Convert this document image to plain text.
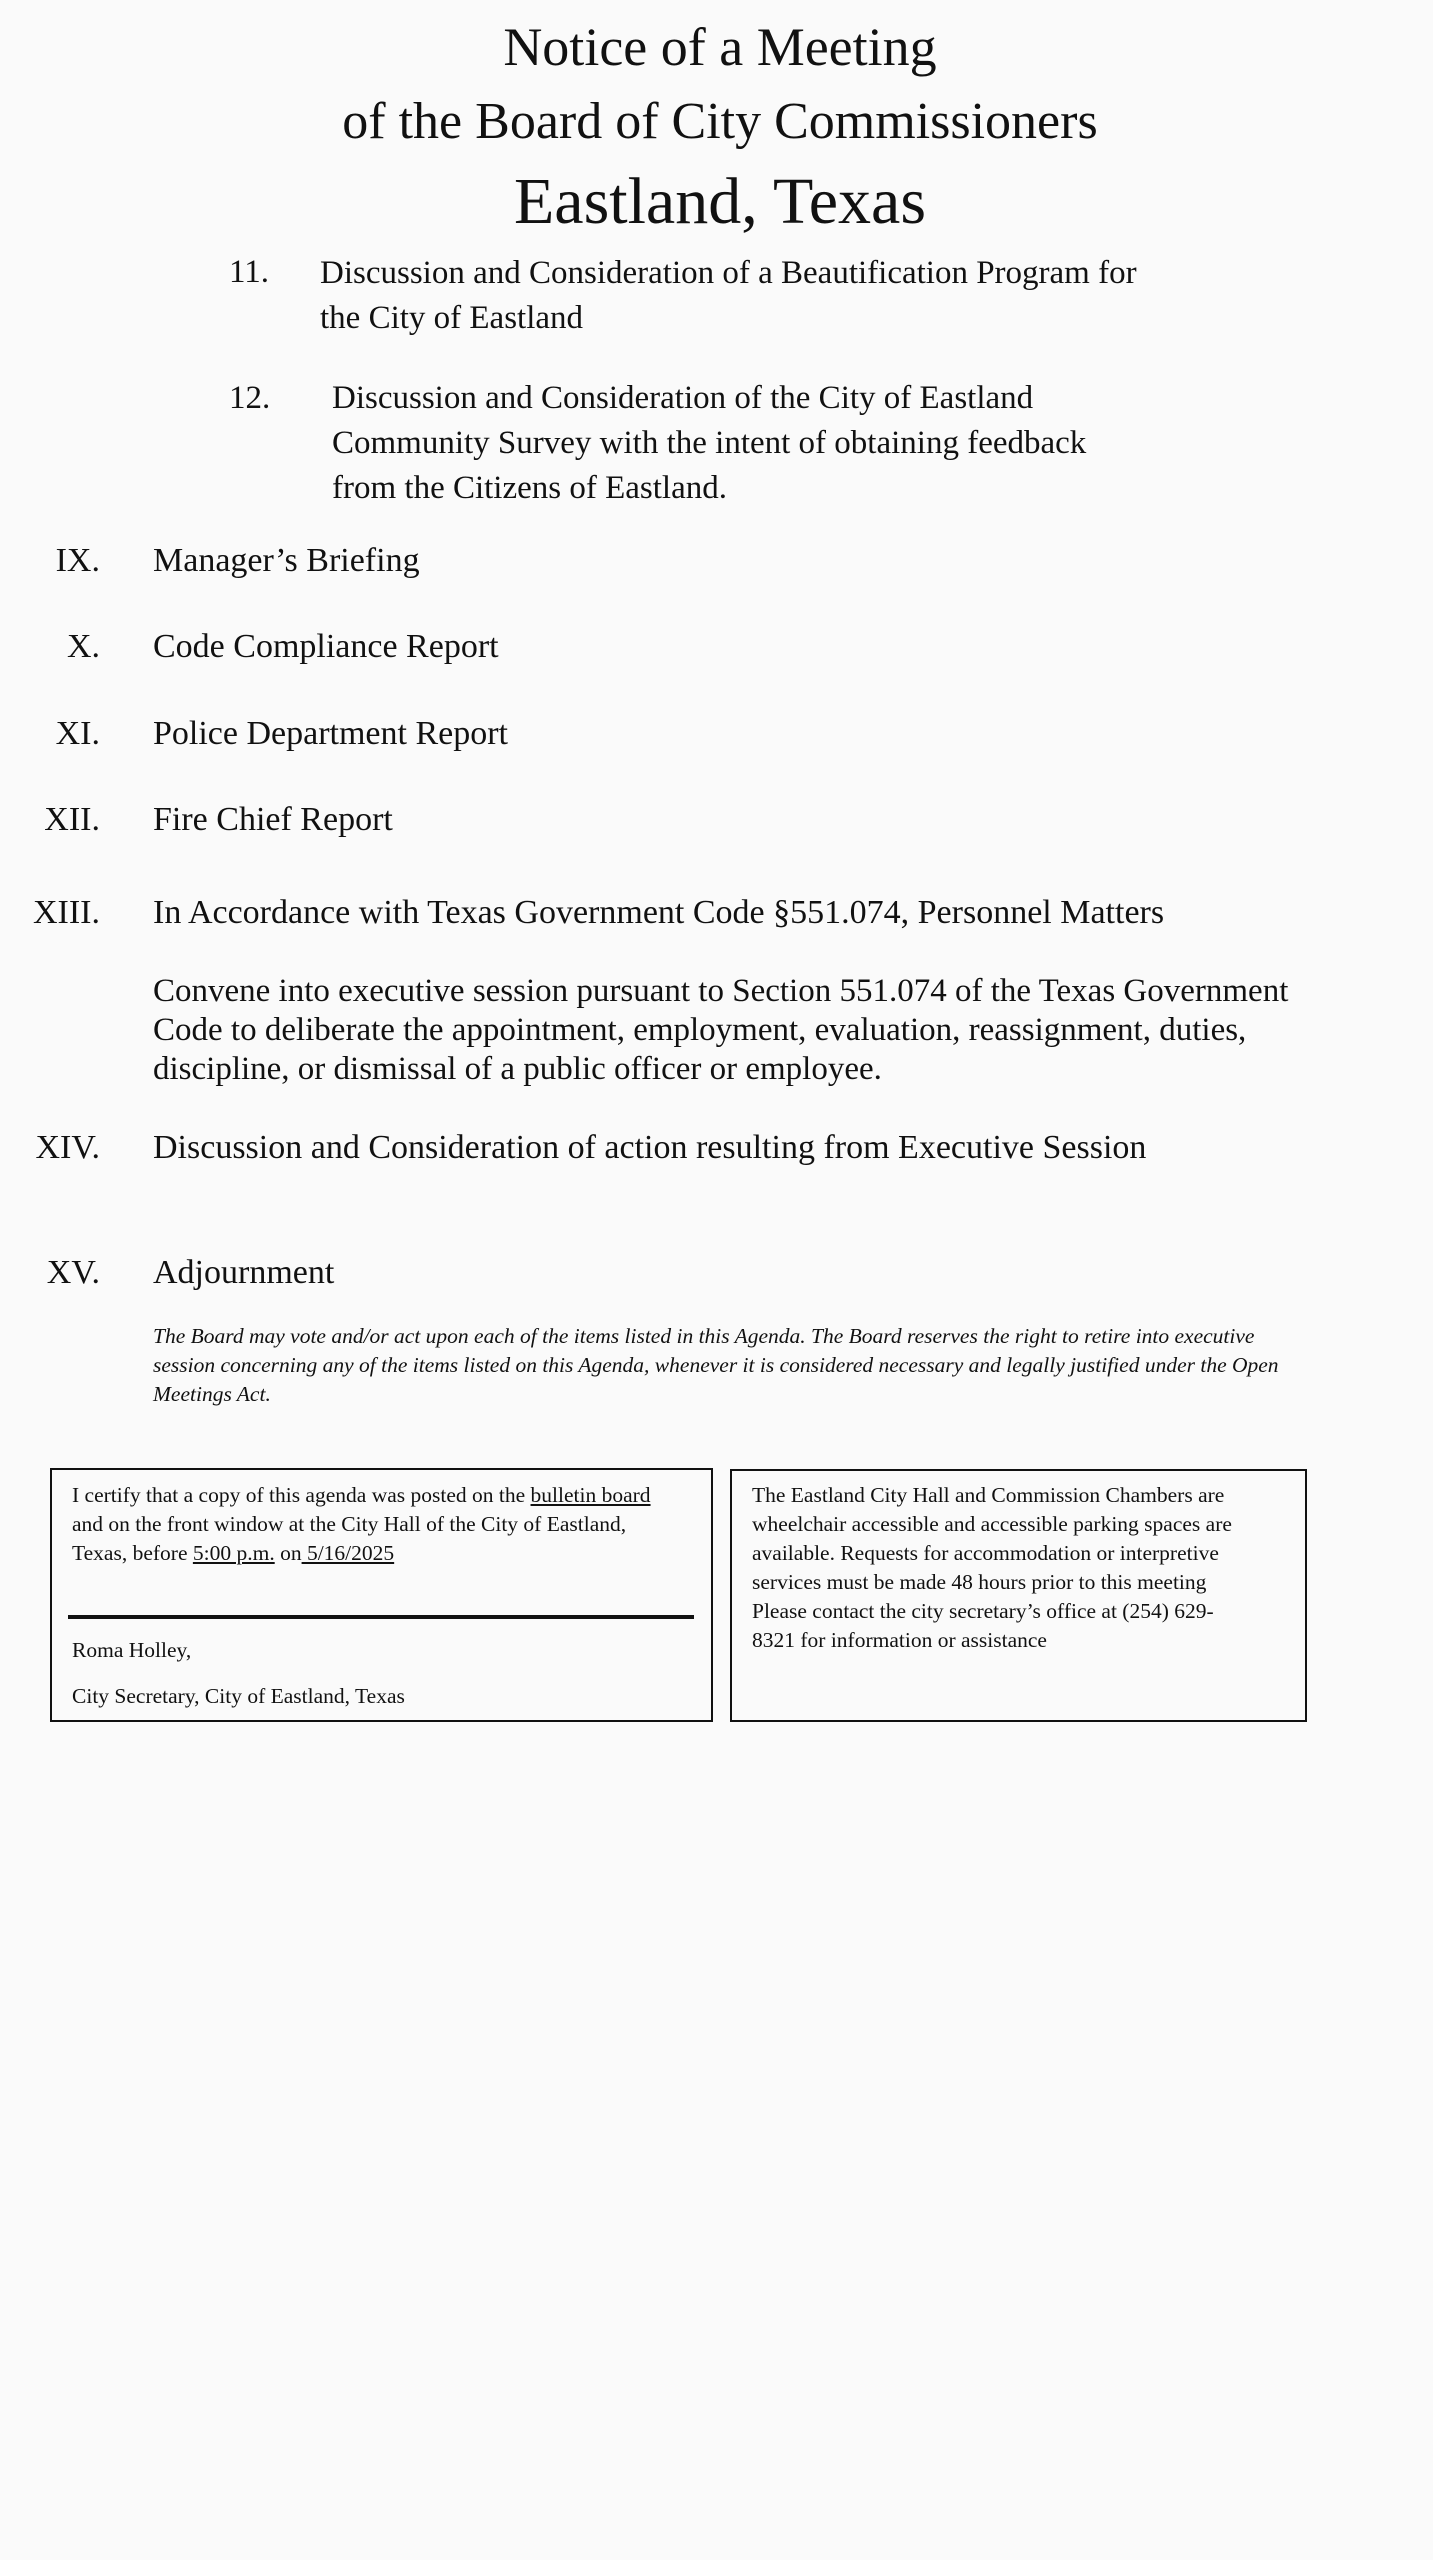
Notice of a Meeting
of the Board of City Commissioners
Eastland, Texas
11. Discussion and Consideration of a Beautification Program for
the City of Eastland
12. Discussion and Consideration of the City of Eastland
Community Survey with the intent of obtaining feedback
from the Citizens of Eastland.
IX. Manager’s Briefing
X. Code Compliance Report
XI. Police Department Report
XII. Fire Chief Report
XIII. In Accordance with Texas Government Code §551.074, Personnel Matters
Convene into executive session pursuant to Section 551.074 of the Texas Government
Code to deliberate the appointment, employment, evaluation, reassignment, duties,
discipline, or dismissal of a public officer or employee.
XIV. Discussion and Consideration of action resulting from Executive Session
XV. Adjournment
The Board may vote and/or act upon each of the items listed in this Agenda. The Board reserves the right to retire into executive
session concerning any of the items listed on this Agenda, whenever it is considered necessary and legally justified under the Open
Meetings Act.
I certify that a copy of this agenda was posted on the bulletin board
and on the front window at the City Hall of the City of Eastland,
Texas, before 5:00 p.m. on 5/16/2025
Roma Holley,
City Secretary, City of Eastland, Texas
The Eastland City Hall and Commission Chambers are
wheelchair accessible and accessible parking spaces are
available. Requests for accommodation or interpretive
services must be made 48 hours prior to this meeting
Please contact the city secretary’s office at (254) 629-
8321 for information or assistance
